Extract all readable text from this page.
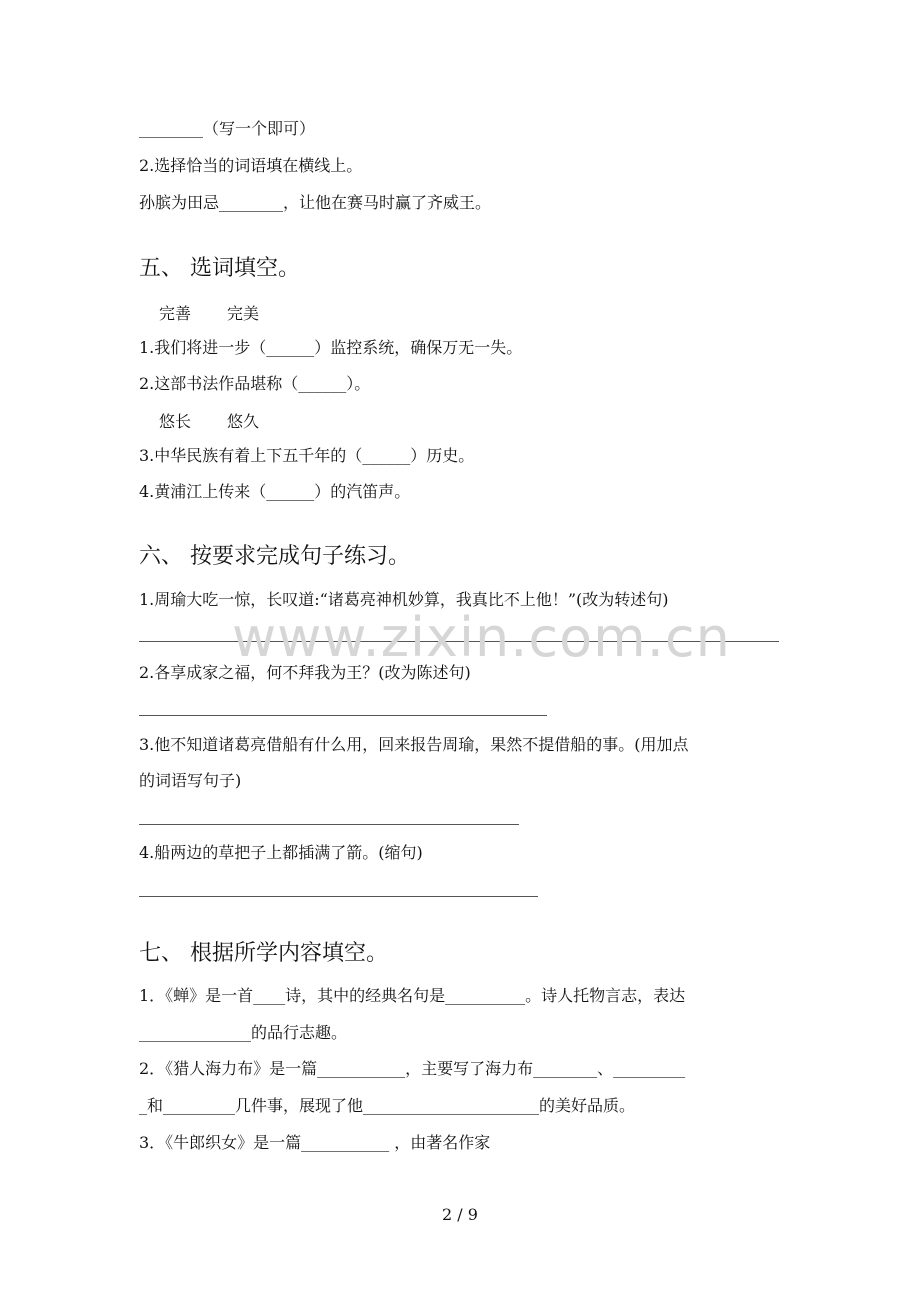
________（写一个即可）
2.选择恰当的词语填在横线上。
孙膑为田忌________，让他在赛马时赢了齐威王。
五、 选词填空。
完善 完美
1.我们将进一步（______）监控系统，确保万无一失。
2.这部书法作品堪称（______）。
悠长 悠久
3.中华民族有着上下五千年的（______）历史。
4.黄浦江上传来（______）的汽笛声。
六、 按要求完成句子练习。
1.周瑜大吃一惊，长叹道:“诸葛亮神机妙算，我真比不上他！”(改为转述句)
2.各享成家之福，何不拜我为王？(改为陈述句)
3.他不知道诸葛亮借船有什么用，回来报告周瑜，果然不提借船的事。(用加点
的词语写句子)
4.船两边的草把子上都插满了箭。(缩句)
七、 根据所学内容填空。
1．《蝉》是一首____诗，其中的经典名句是__________。诗人托物言志，表达
______________的品行志趣。
2．《猎人海力布》是一篇___________，主要写了海力布________、_________
_和_________几件事，展现了他______________________的美好品质。
3．《牛郎织女》是一篇___________ ，由著名作家
www.zixin.com.cn
2 / 9
